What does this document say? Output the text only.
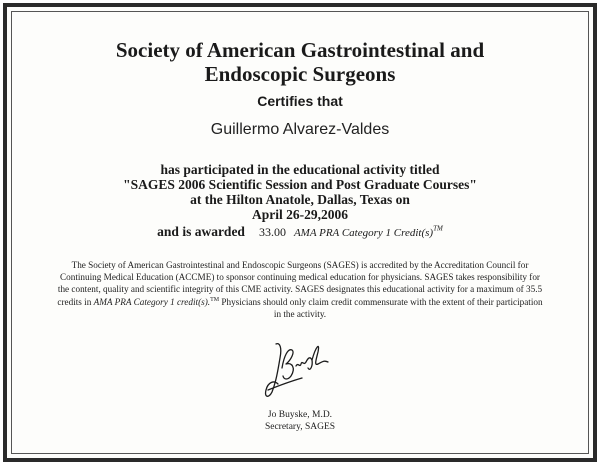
Society of American Gastrointestinal and
Endoscopic Surgeons
Certifies that
Guillermo Alvarez-Valdes
has participated in the educational activity titled
"SAGES 2006 Scientific Session and Post Graduate Courses"
at the Hilton Anatole, Dallas, Texas on
April 26-29,2006
and is awarded 33.00 AMA PRA Category 1 Credit(s)™
The Society of American Gastrointestinal and Endoscopic Surgeons (SAGES) is accredited by the Accreditation Council for Continuing Medical Education (ACCME) to sponsor continuing medical education for physicians. SAGES takes responsibility for the content, quality and scientific integrity of this CME activity. SAGES designates this educational activity for a maximum of 35.5 credits in AMA PRA Category 1 credit(s).™ Physicians should only claim credit commensurate with the extent of their participation in the activity.
Jo Buyske, M.D.
Secretary, SAGES
